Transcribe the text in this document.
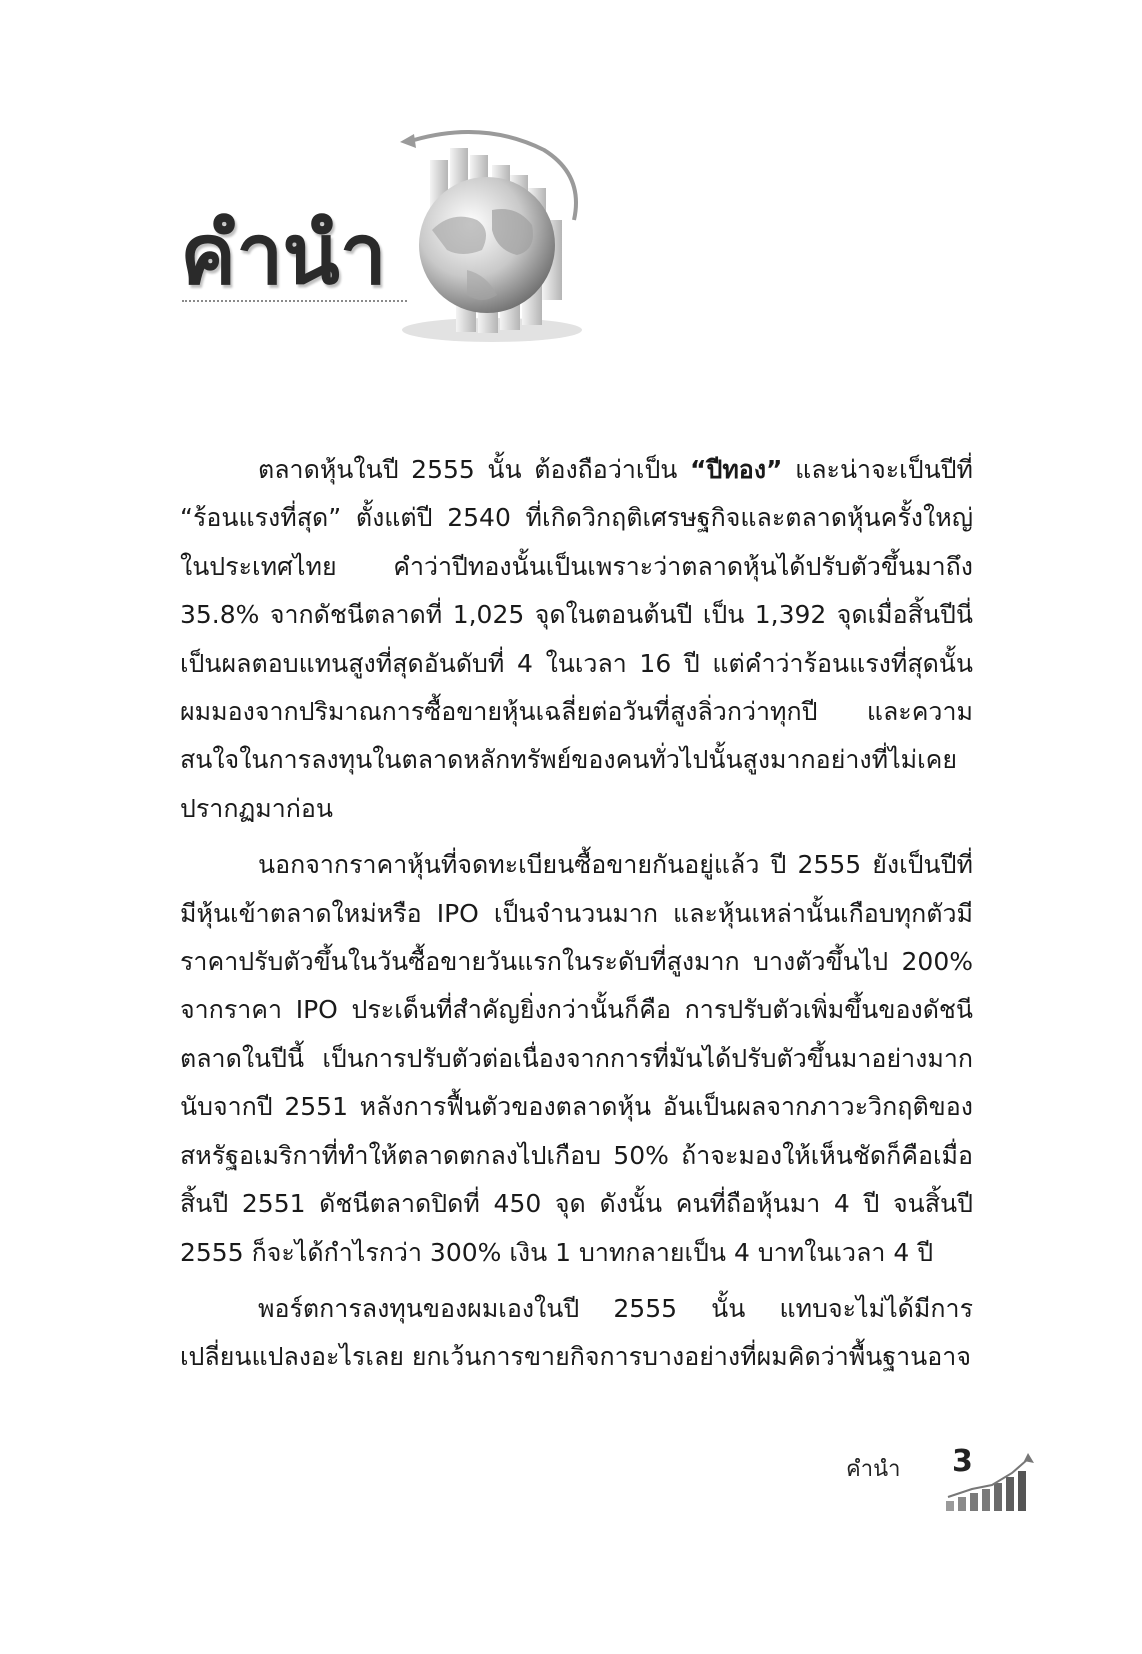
คำนำ

ตลาดหุ้นในปี 2555 นั้น ต้องถือว่าเป็น “ปีทอง” และน่าจะเป็นปีที่ “ร้อนแรงที่สุด” ตั้งแต่ปี 2540 ที่เกิดวิกฤติเศรษฐกิจและตลาดหุ้นครั้งใหญ่ในประเทศไทย คำว่าปีทองนั้นเป็นเพราะว่าตลาดหุ้นได้ปรับตัวขึ้นมาถึง 35.8% จากดัชนีตลาดที่ 1,025 จุดในตอนต้นปี เป็น 1,392 จุดเมื่อสิ้นปีนี่เป็นผลตอบแทนสูงที่สุดอันดับที่ 4 ในเวลา 16 ปี แต่คำว่าร้อนแรงที่สุดนั้น ผมมองจากปริมาณการซื้อขายหุ้นเฉลี่ยต่อวันที่สูงลิ่วกว่าทุกปี และความสนใจในการลงทุนในตลาดหลักทรัพย์ของคนทั่วไปนั้นสูงมากอย่างที่ไม่เคยปรากฏมาก่อน

นอกจากราคาหุ้นที่จดทะเบียนซื้อขายกันอยู่แล้ว ปี 2555 ยังเป็นปีที่มีหุ้นเข้าตลาดใหม่หรือ IPO เป็นจำนวนมาก และหุ้นเหล่านั้นเกือบทุกตัวมีราคาปรับตัวขึ้นในวันซื้อขายวันแรกในระดับที่สูงมาก บางตัวขึ้นไป 200% จากราคา IPO ประเด็นที่สำคัญยิ่งกว่านั้นก็คือ การปรับตัวเพิ่มขึ้นของดัชนีตลาดในปีนี้ เป็นการปรับตัวต่อเนื่องจากการที่มันได้ปรับตัวขึ้นมาอย่างมากนับจากปี 2551 หลังการฟื้นตัวของตลาดหุ้น อันเป็นผลจากภาวะวิกฤติของสหรัฐอเมริกาที่ทำให้ตลาดตกลงไปเกือบ 50% ถ้าจะมองให้เห็นชัดก็คือเมื่อสิ้นปี 2551 ดัชนีตลาดปิดที่ 450 จุด ดังนั้น คนที่ถือหุ้นมา 4 ปี จนสิ้นปี 2555 ก็จะได้กำไรกว่า 300% เงิน 1 บาทกลายเป็น 4 บาทในเวลา 4 ปี

พอร์ตการลงทุนของผมเองในปี 2555 นั้น แทบจะไม่ได้มีการเปลี่ยนแปลงอะไรเลย ยกเว้นการขายกิจการบางอย่างที่ผมคิดว่าพื้นฐานอาจ

คำนำ 3
